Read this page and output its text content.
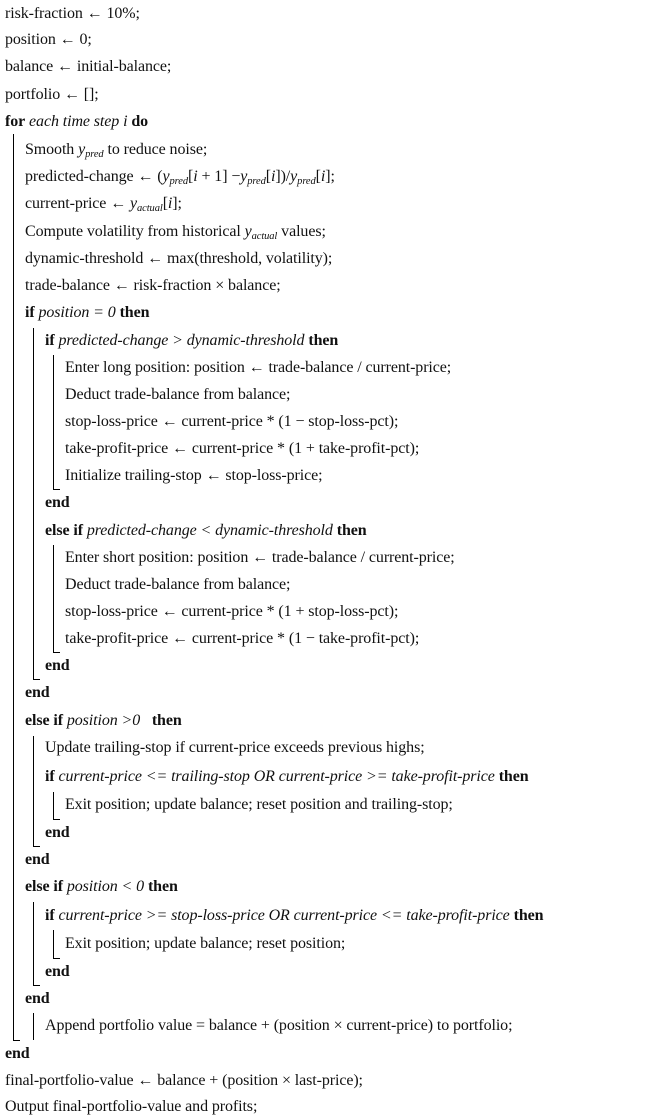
risk-fraction ← 10%;
position ← 0;
balance ← initial-balance;
portfolio ← [];
for each time step i do
Smooth ypred to reduce noise;
predicted-change ← (ypred[i + 1] −ypred[i])/ypred[i];
current-price ← yactual[i];
Compute volatility from historical yactual values;
dynamic-threshold ← max(threshold, volatility);
trade-balance ← risk-fraction × balance;
if position = 0 then
if predicted-change > dynamic-threshold then
Enter long position: position ← trade-balance / current-price;
Deduct trade-balance from balance;
stop-loss-price ← current-price * (1 − stop-loss-pct);
take-profit-price ← current-price * (1 + take-profit-pct);
Initialize trailing-stop ← stop-loss-price;
end
else if predicted-change < dynamic-threshold then
Enter short position: position ← trade-balance / current-price;
Deduct trade-balance from balance;
stop-loss-price ← current-price * (1 + stop-loss-pct);
take-profit-price ← current-price * (1 − take-profit-pct);
end
end
else if position >0 then
Update trailing-stop if current-price exceeds previous highs;
if current-price <= trailing-stop OR current-price >= take-profit-price then
Exit position; update balance; reset position and trailing-stop;
end
end
else if position < 0 then
if current-price >= stop-loss-price OR current-price <= take-profit-price then
Exit position; update balance; reset position;
end
end
Append portfolio value = balance + (position × current-price) to portfolio;
end
final-portfolio-value ← balance + (position × last-price);
Output final-portfolio-value and profits;
